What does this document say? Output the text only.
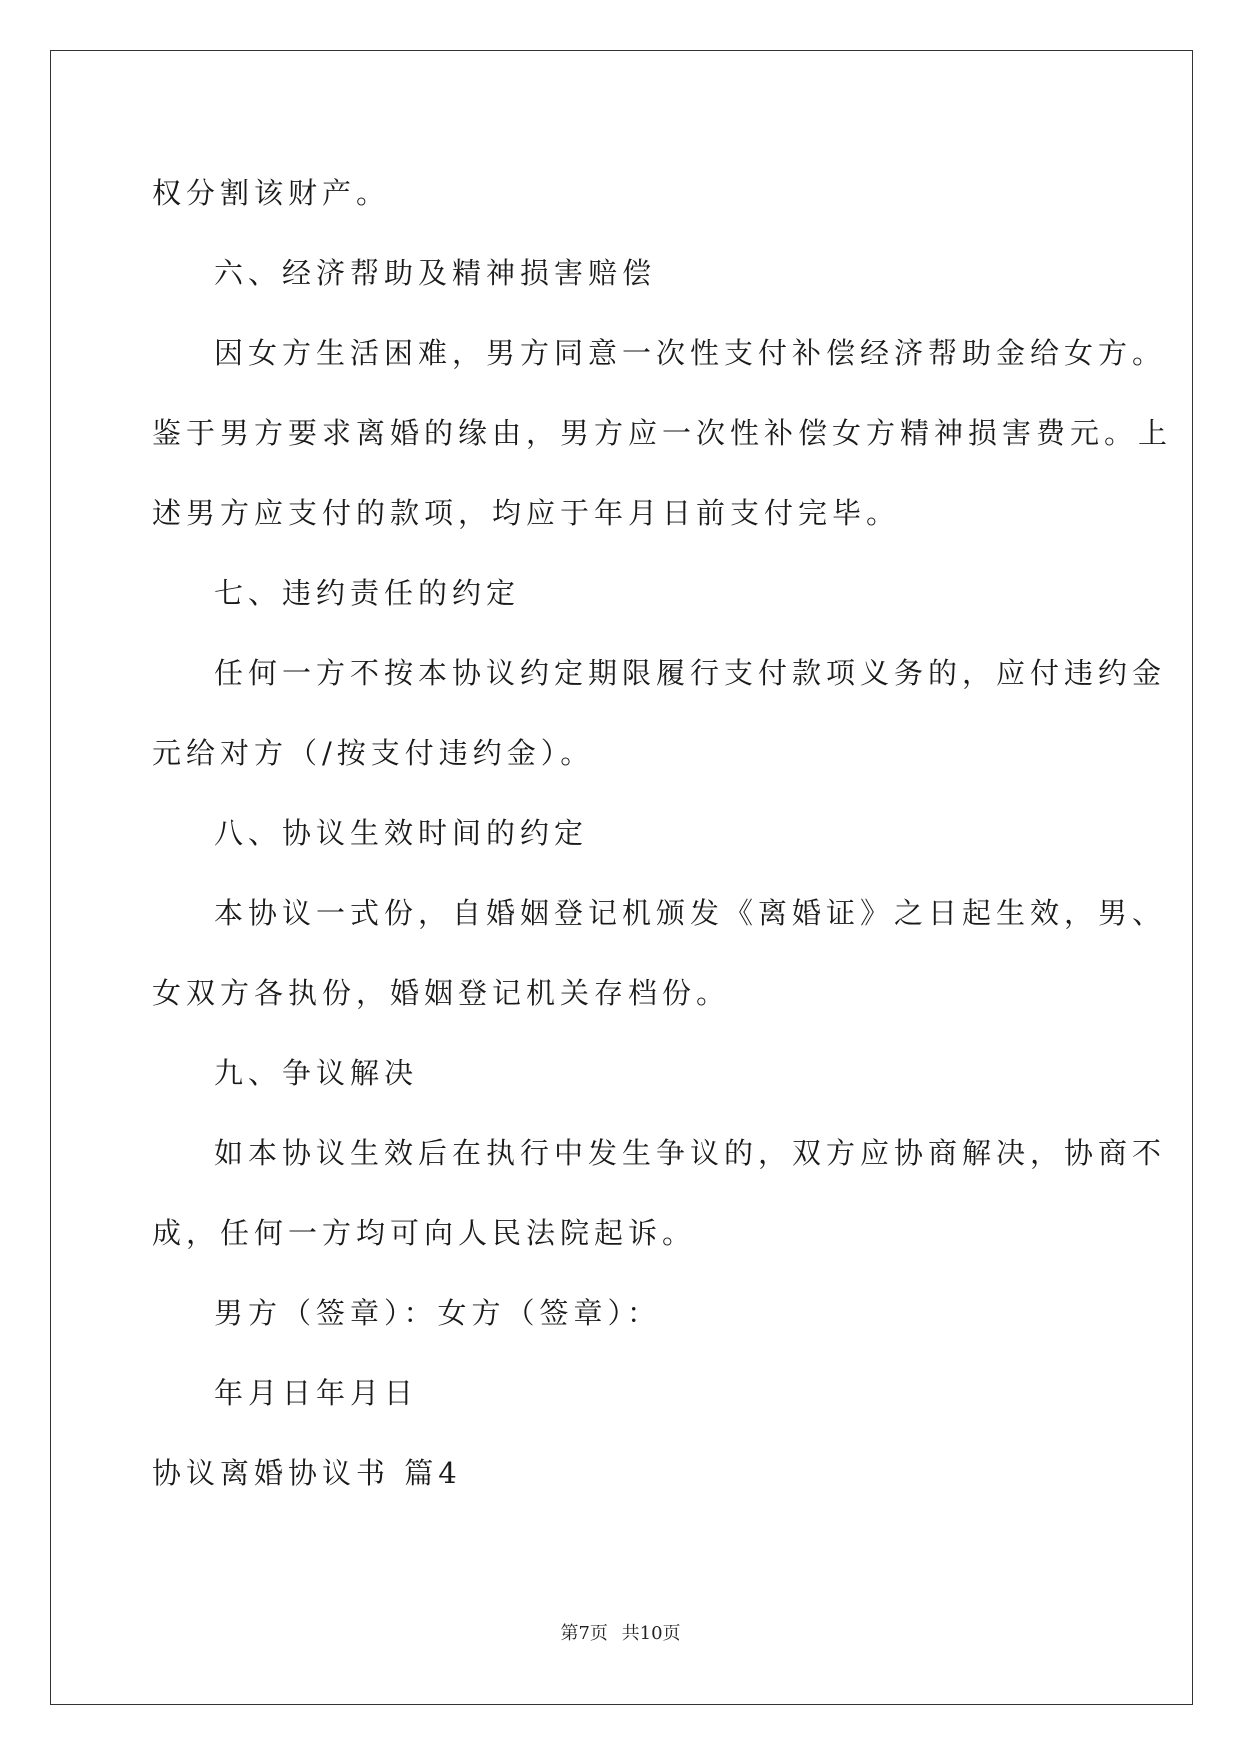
权分割该财产。
六、经济帮助及精神损害赔偿
因女方生活困难，男方同意一次性支付补偿经济帮助金给女方。
鉴于男方要求离婚的缘由，男方应一次性补偿女方精神损害费元。上
述男方应支付的款项，均应于年月日前支付完毕。
七、违约责任的约定
任何一方不按本协议约定期限履行支付款项义务的，应付违约金
元给对方（/按支付违约金）。
八、协议生效时间的约定
本协议一式份，自婚姻登记机颁发《离婚证》之日起生效，男、
女双方各执份，婚姻登记机关存档份。
九、争议解决
如本协议生效后在执行中发生争议的，双方应协商解决，协商不
成，任何一方均可向人民法院起诉。
男方（签章）：女方（签章）：
年月日年月日
协议离婚协议书 篇4
第7页 共10页
